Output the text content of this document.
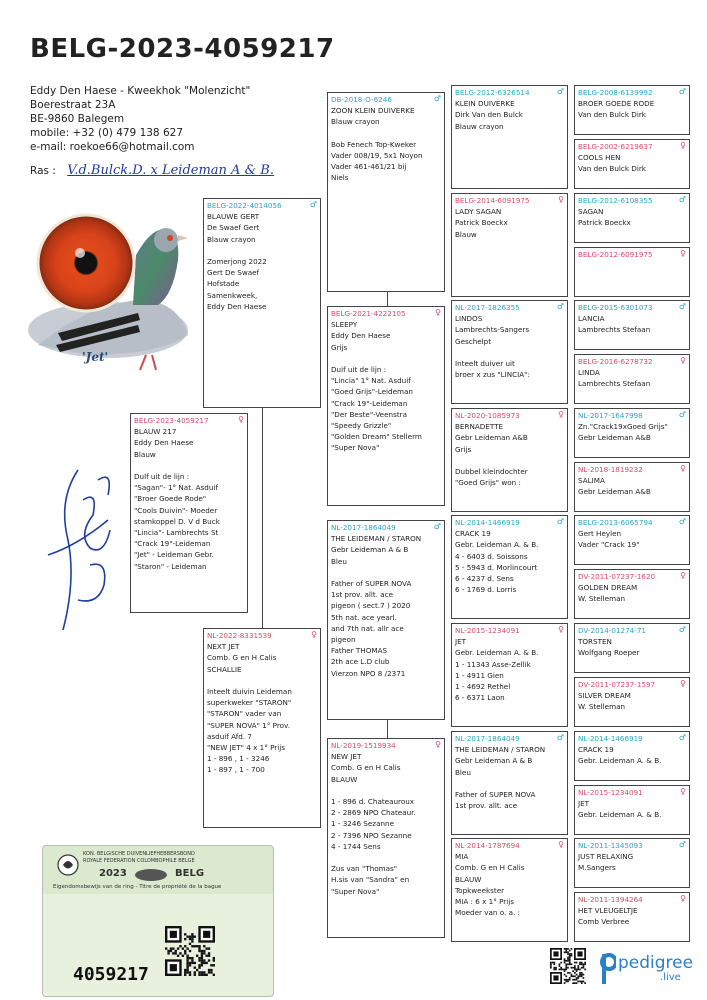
BELG-2023-4059217
Eddy Den Haese - Kweekhok "Molenzicht"
Boerestraat 23A
BE-9860 Balegem
mobile: +32 (0) 479 138 627
e-mail: roekoe66@hotmail.com
Ras : V.d.Bulck.D. x Leideman A & B.
'Jet'
BELG-2023-4059217	♀
BLAUW 217
Eddy Den Haese
Blauw
Dulf uit de lijn :
"Sagan"- 1° Nat. Asduif
"Broer Goede Rode"
"Cools Duivin"- Moeder
stamkoppel D. V d Buck
"Lincia"- Lambrechts St
"Crack 19"-Leideman
"Jet" - Leideman Gebr.
"Staron" - Leideman
BELG-2022-4014056	♂
BLAUWE GERT
De Swaef Gert
Blauw crayon
Zomerjong 2022
Gert De Swaef
Hofstade
Samenkweek,
Eddy Den Haese
NL-2022-8331539	♀
NEXT JET
Comb. G en H Calis
SCHALLIE
Inteelt duivin Leideman
superkweker "STARON"
"STARON" vader van
"SUPER NOVA" 1° Prov.
asduif Afd. 7
"NEW JET" 4 x 1° Prijs
1 - 896 , 1 - 3246
1 - 897 , 1 - 700
DB-2018-O-6246	♂
ZOON KLEIN DUIVERKE
Blauw crayon
Bob Fenech Top-Kweker
Vader 008/19, 5x1 Noyon
Vader 461-461/21 bij
Niels
BELG-2021-4222105	♀
SLEEPY
Eddy Den Haese
Grijs
Duif uit de lijn :
"Lincia" 1° Nat. Asduif
"Goed Grijs"-Leideman
"Crack 19"-Leideman
"Der Beste"-Veenstra
"Speedy Grizzle"
"Golden Dream" Stellerm
"Super Nova"
NL-2017-1864049	♂
THE LEIDEMAN / STARON
Gebr Leideman A & B
Bleu
Father of SUPER NOVA
1st prov. allt. ace
pigeon ( sect.7 ) 2020
5th nat. ace yearl.
and 7th nat. allr ace
pigeon
Father THOMAS
2th ace L.D club
Vierzon NPO 8 /2371
NL-2019-1519934	♀
NEW JET
Comb. G en H Calis
BLAUW
1 - 896 d. Chateauroux
2 - 2869 NPO Chateaur.
1 - 3246 Sezanne
2 - 7396 NPO Sezanne
4 - 1744 Sens
Zus van "Thomas"
H.sis van "Sandra" en
"Super Nova"
BELG-2012-6326514	♂
KLEIN DUIVERKE
Dirk Van den Bulck
Blauw crayon
BELG-2014-6091975	♀
LADY SAGAN
Patrick Boeckx
Blauw
NL-2017-1826355	♂
LINDOS
Lambrechts-Sangers
Geschelpt
Inteelt duiver uit
broer x zus "LINCIA":
NL-2020-1085973	♀
BERNADETTE
Gebr Leideman A&B
Grijs
Dubbel kleindochter
"Goed Grijs" won :
NL-2014-1466919	♂
CRACK 19
Gebr. Leideman A. & B.
4 - 6403 d. Soissons
5 - 5943 d. Morlincourt
6 - 4237 d. Sens
6 - 1769 d. Lorris
NL-2015-1234091	♀
JET
Gebr. Leideman A. & B.
1 - 11343 Asse-Zellik
1 - 4911 Gien
1 - 4692 Rethel
6 - 6371 Laon
NL-2017-1864049	♂
THE LEIDEMAN / STARON
Gebr Leideman A & B
Bleu
Father of SUPER NOVA
1st prov. allt. ace
NL-2014-1787694	♀
MIA
Comb. G en H Calis
BLAUW
Topkweekster
MIA : 6 x 1° Prijs
Moeder van o. a. :
BELG-2008-6139992	♂
BROER GOEDE RODE
Van den Bulck Dirk
BELG-2002-6219637	♀
COOLS HEN
Van den Bulck Dirk
BELG-2012-6108355	♂
SAGAN
Patrick Boeckx
BELG-2012-6091975	♀
BELG-2015-6301073	♂
LANCIA
Lambrechts Stefaan
BELG-2016-6278732	♀
LINDA
Lambrechts Stefaan
NL-2017-1647998	♂
Zn."Crack19xGoed Grijs"
Gebr Leideman A&B
NL-2018-1819232	♀
SALIMA
Gebr Leideman A&B
BELG-2013-6065794	♂
Gert Heylen
Vader "Crack 19"
DV-2011-07237-1620	♀
GOLDEN DREAM
W. Stelleman
DV-2014-01274-71	♂
TORSTEN
Wolfgang Roeper
DV-2011-07237-1597	♀
SILVER DREAM
W. Stelleman
NL-2014-1466919	♂
CRACK 19
Gebr. Leideman A. & B.
NL-2015-1234091	♀
JET
Gebr. Leideman A. & B.
NL-2011-1345093	♂
JUST RELAXING
M.Sangers
NL-2011-1394264	♀
HET VLEUGELTJE
Comb Verbree
KON. BELGISCHE DUIVENLIEFHEBBERSBOND
ROYALE FEDERATION COLOMBOPHILE BELGE
2023	BELG
Eigendomsbewijs van de ring - Titre de propriété de la bague
4059217
pedigree
.live
